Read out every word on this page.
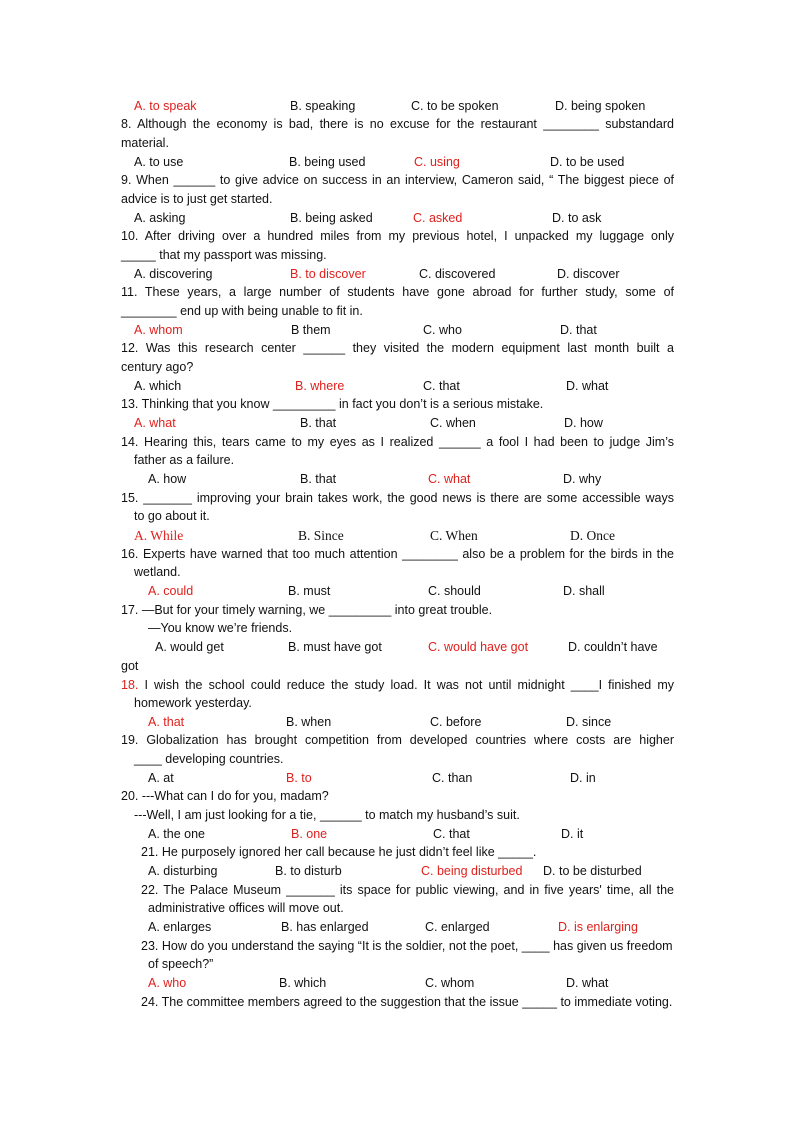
A. to speak	B. speaking	C. to be spoken	D. being spoken
8. Although the economy is bad, there is no excuse for the restaurant ________ substandard
material.
A. to use	B. being used	C. using	D. to be used
9. When ______ to give advice on success in an interview, Cameron said, “ The biggest piece of
advice is to just get started.
A. asking	B. being asked	C. asked	D. to ask
10. After driving over a hundred miles from my previous hotel, I unpacked my luggage only
_____ that my passport was missing.
A. discovering	B. to discover	C. discovered	D. discover
11. These years, a large number of students have gone abroad for further study, some of
________ end up with being unable to fit in.
A. whom	B them	C. who	D. that
12. Was this research center ______ they visited the modern equipment last month built a
century ago?
A. which	B. where	C. that	D. what
13. Thinking that you know _________ in fact you don’t is a serious mistake.
A. what	B. that	C. when	D. how
14. Hearing this, tears came to my eyes as I realized ______ a fool I had been to judge Jim’s
father as a failure.
A. how	B. that	C. what	D. why
15. _______ improving your brain takes work, the good news is there are some accessible ways
to go about it.
A. While	B. Since	C. When	D. Once
16. Experts have warned that too much attention ________ also be a problem for the birds in the
wetland.
A. could	B. must	C. should	D. shall
17. —But for your timely warning, we _________ into great trouble.
—You know we’re friends.
A. would get	B. must have got	C. would have got	D. couldn’t have
got
18. I wish the school could reduce the study load. It was not until midnight ____I finished my
homework yesterday.
A. that	B. when	C. before	D. since
19. Globalization has brought competition from developed countries where costs are higher
____ developing countries.
A. at	B. to	C. than	D. in
20. ---What can I do for you, madam?
---Well, I am just looking for a tie, ______ to match my husband’s suit.
A. the one	B. one	C. that	D. it
21. He purposely ignored her call because he just didn’t feel like _____.
A. disturbing	B. to disturb	C. being disturbed D. to be disturbed
22. The Palace Museum _______ its space for public viewing, and in five years' time, all the
administrative offices will move out.
A. enlarges	B. has enlarged	C. enlarged	D. is enlarging
23. How do you understand the saying “It is the soldier, not the poet, ____ has given us freedom
of speech?”
A. who	B. which	C. whom	D. what
24. The committee members agreed to the suggestion that the issue _____ to immediate voting.
